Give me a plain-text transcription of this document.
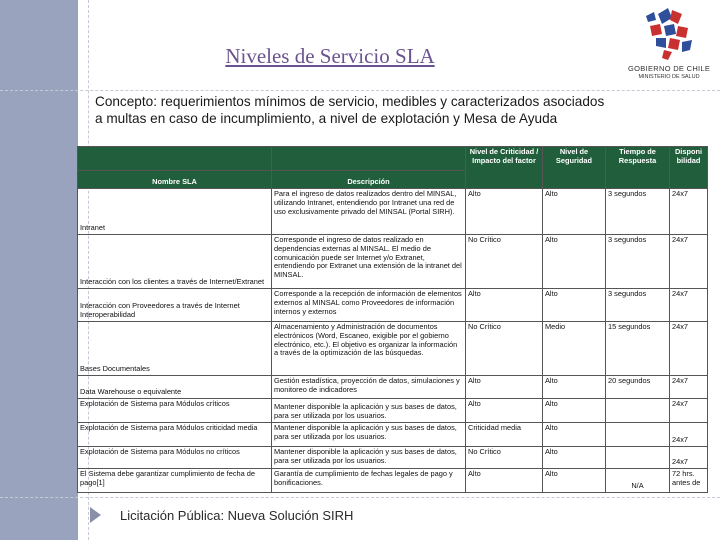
Niveles de Servicio SLA
GOBIERNO DE CHILE
MINISTERIO DE SALUD
Concepto: requerimientos mínimos de servicio, medibles y caracterizados asociados a multas en caso de incumplimiento, a nivel de explotación y Mesa de Ayuda
		Nivel de Criticidad / Impacto del factor	Nivel de Seguridad	Tiempo de Respuesta	Disponi bilidad
Nombre SLA	Descripción				
Intranet	Para el ingreso de datos realizados dentro del MINSAL, utilizando Intranet, entendiendo por Intranet una red de uso exclusivamente privado del MINSAL (Portal SIRH).	Alto	Alto	3 segundos	24x7
Interacción con los clientes a través de Internet/Extranet	Corresponde el ingreso de datos realizado en dependencias externas al MINSAL. El medio de comunicación puede ser Internet y/o Extranet, entendiendo por Extranet una extensión de la intranet del MINSAL.	No Crítico	Alto	3 segundos	24x7
Interacción con Proveedores a través de Internet Interoperabilidad	Corresponde a la recepción de información de elementos externos al MINSAL como Proveedores de información internos y externos	Alto	Alto	3 segundos	24x7
Bases Documentales	Almacenamiento y Administración de documentos electrónicos (Word, Escaneo, exigible por el gobierno electrónico, etc.). El objetivo es organizar la información a través de la optimización de las búsquedas.	No Crítico	Medio	15 segundos	24x7
Data Warehouse o equivalente	Gestión estadística, proyección de datos, simulaciones y monitoreo de indicadores	Alto	Alto	20 segundos	24x7
Explotación de Sistema para Módulos críticos	Mantener disponible la aplicación y sus bases de datos, para ser utilizada por los usuarios.	Alto	Alto		24x7
Explotación de Sistema para Módulos criticidad media	Mantener disponible la aplicación y sus bases de datos, para ser utilizada por los usuarios.	Criticidad media	Alto		24x7
Explotación de Sistema para Módulos no críticos	Mantener disponible la aplicación y sus bases de datos, para ser utilizada por los usuarios.	No Crítico	Alto		24x7
El Sistema debe garantizar cumplimiento de fecha de pago[1]	Garantía de cumplimiento de fechas legales de pago y bonificaciones.	Alto	Alto	N/A	72 hrs. antes de
Licitación Pública: Nueva Solución SIRH
